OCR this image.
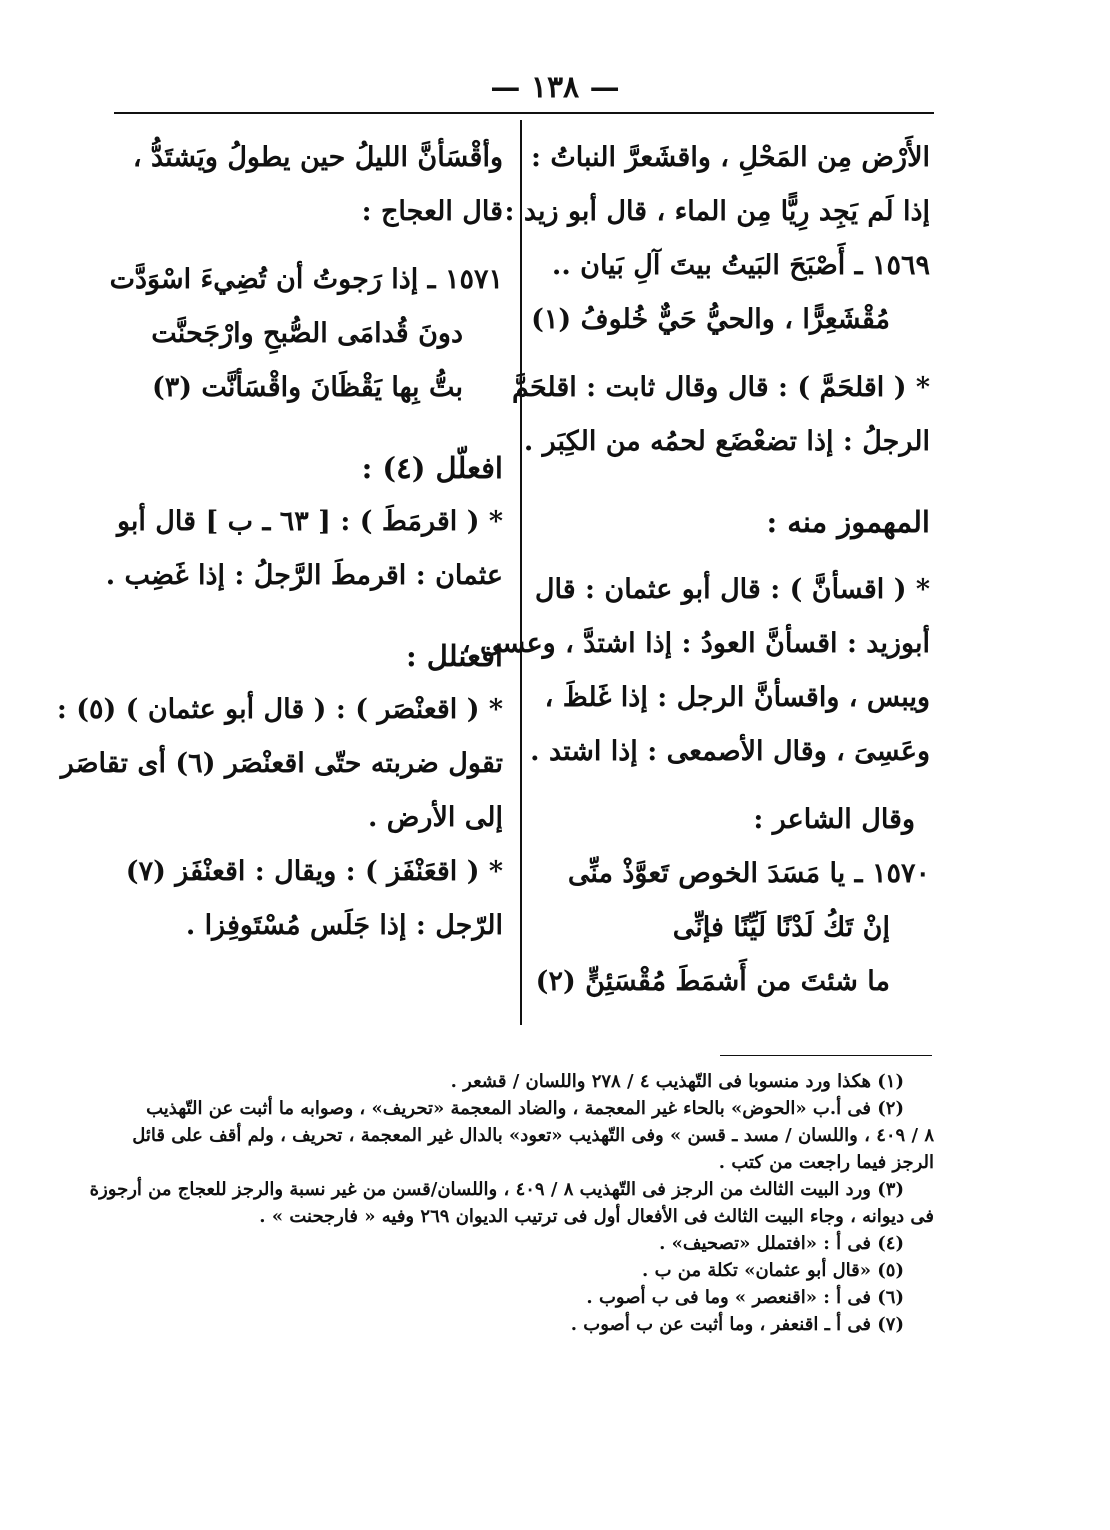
— ١٣٨ —
الأَرْض مِن المَحْلِ ، واقشَعرَّ النباتُ :
إذا لَم يَجِد رِيًّا مِن الماء ، قال أبو زيد :
١٥٦٩ ـ أَصْبَحَ البَيتُ بيتَ آلِ بَيان ..
مُقْشَعِرًّا ، والحيُّ حَيٌّ خُلوفُ (١)
* ( اقلحَمَّ ) : قال وقال ثابت : اقلحَمَّ
الرجلُ : إذا تضعْضَع لحمُه من الكِبَر .
المهموز منه :
* ( اقسأنَّ ) : قال أبو عثمان : قال
أبوزيد : اقسأنَّ العودُ : إذا اشتدَّ ، وعسى ،
ويبس ، واقسأنَّ الرجل : إذا غَلظَ ،
وعَسِىَ ، وقال الأصمعى : إذا اشتد .
وقال الشاعر :
١٥٧٠ ـ يا مَسَدَ الخوص تَعوَّذْ منِّى
إنْ تَكُ لَدْنًا لَيِّنًا فإنِّى
ما شئتَ من أَشمَطَ مُقْسَئِنٍّ (٢)
وأقْسَأنَّ الليلُ حين يطولُ ويَشتَدُّ ،
قال العجاج :
١٥٧١ ـ إذا رَجوتُ أن تُضِيءَ اسْوَدَّت
دونَ قُدامَى الصُّبحِ وارْجَحنَّت
بتُّ بِها يَقْظَانَ واقْسَأنَّت (٣)
افعلّل (٤) :
* ( اقرمَطَ ) : [ ٦٣ ـ ب ] قال أبو
عثمان : اقرمطَ الرَّجلُ : إذا غَضِب .
افعنلل :
* ( اقعنْصَر ) : ( قال أبو عثمان ) (٥) :
تقول ضربته حتّى اقعنْصَر (٦) أى تقاصَر
إلى الأرض .
* ( اقعَنْفَز ) : ويقال : اقعنْفَز (٧)
الرّجل : إذا جَلَس مُسْتَوفِزا .
(١) هكذا ورد منسوبا فى التّهذيب ٤ / ٢٧٨ واللسان / قشعر .
(٢) فى أ.ب «الحوض» بالحاء غير المعجمة ، والضاد المعجمة «تحريف» ، وصوابه ما أثبت عن التّهذيب
٨ / ٤٠٩ ، واللسان / مسد ـ قسن » وفى التّهذيب «تعود» بالدال غير المعجمة ، تحريف ، ولم أقف على قائل
الرجز فيما راجعت من كتب .
(٣) ورد البيت الثالث من الرجز فى التّهذيب ٨ / ٤٠٩ ، واللسان/قسن من غير نسبة والرجز للعجاج من أرجوزة
فى ديوانه ، وجاء البيت الثالث فى الأفعال أول فى ترتيب الديوان ٢٦٩ وفيه « فارجحنت » .
(٤) فى أ : «افتملل «تصحيف» .
(٥) «قال أبو عثمان» تكلة من ب .
(٦) فى أ : «اقنعصر » وما فى ب أصوب .
(٧) فى أ ـ اقنعفر ، وما أثبت عن ب أصوب .
